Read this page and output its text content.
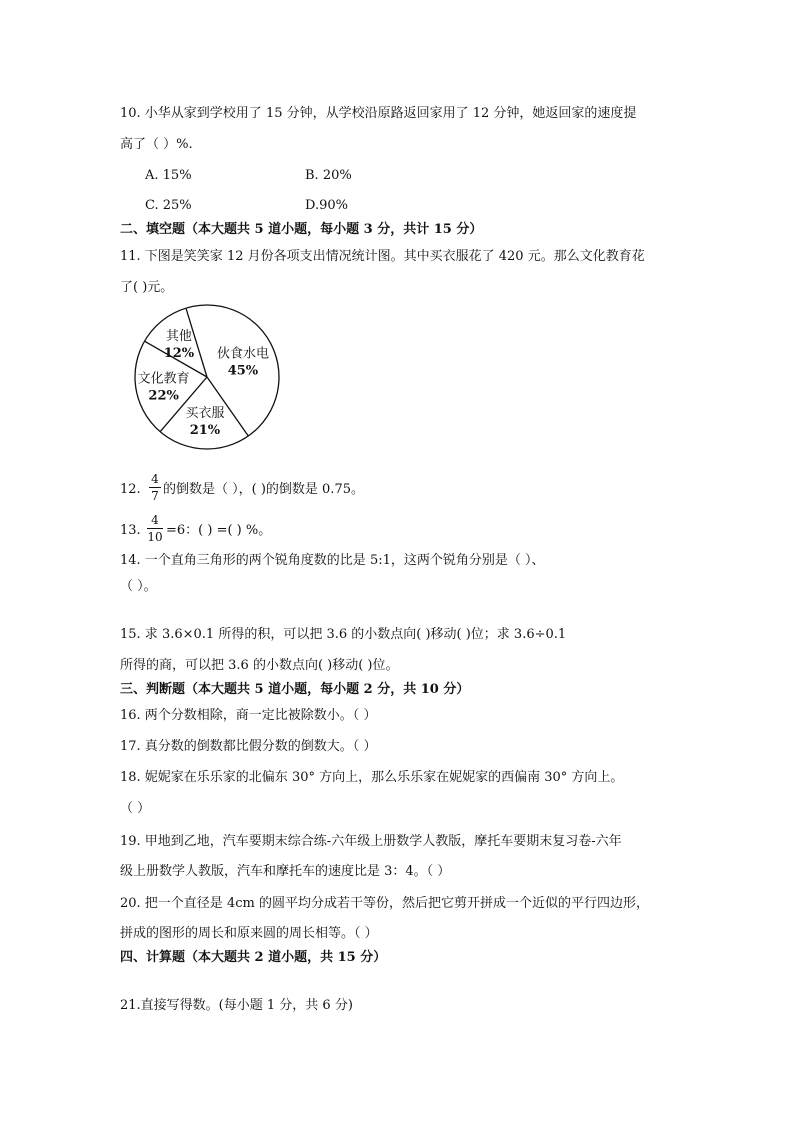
10. 小华从家到学校用了 15 分钟，从学校沿原路返回家用了 12 分钟，她返回家的速度提
高了（ ）%.
A. 15%	B. 20%
C. 25%	D.90%
二、填空题（本大题共 5 道小题，每小题 3 分，共计 15 分）
11. 下图是笑笑家 12 月份各项支出情况统计图。其中买衣服花了 420 元。那么文化教育花
了( )元。
伙食水电
45%
买衣服
21%
文化教育
22%
其他
12%
12.
4
7 的倒数是（ ），( )的倒数是 0.75。
13.
4
10 =6：( ) =( ) %。
14. 一个直角三角形的两个锐角度数的比是 5:1，这两个锐角分别是（ ）、
（ ）。
15. 求 3.6×0.1 所得的积，可以把 3.6 的小数点向( )移动( )位；求 3.6÷0.1
所得的商，可以把 3.6 的小数点向( )移动( )位。
三、判断题（本大题共 5 道小题，每小题 2 分，共 10 分）
16. 两个分数相除，商一定比被除数小。（ ）
17. 真分数的倒数都比假分数的倒数大。（ ）
18. 妮妮家在乐乐家的北偏东 30° 方向上，那么乐乐家在妮妮家的西偏南 30° 方向上。
（ ）
19. 甲地到乙地，汽车要期末综合练-六年级上册数学人教版，摩托车要期末复习卷-六年
级上册数学人教版，汽车和摩托车的速度比是 3：4。（ ）
20. 把一个直径是 4cm 的圆平均分成若干等份，然后把它剪开拼成一个近似的平行四边形，
拼成的图形的周长和原来圆的周长相等。（ ）
四、计算题（本大题共 2 道小题，共 15 分）
21.直接写得数。(每小题 1 分，共 6 分)
